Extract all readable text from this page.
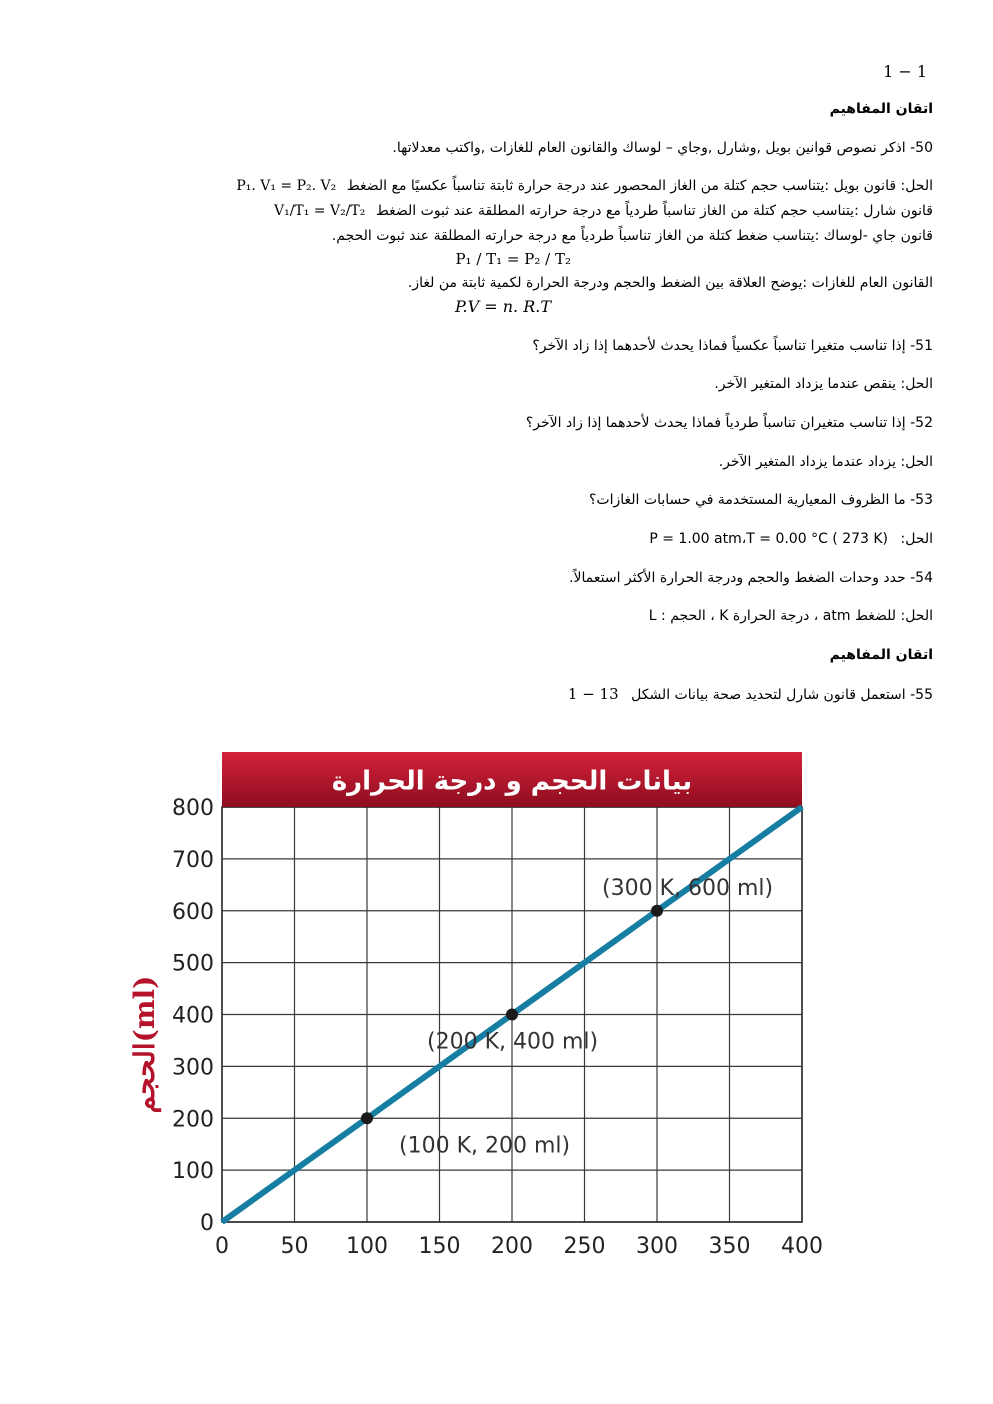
1 − 1
اتقان المفاهيم
50- اذكر نصوص قوانين بويل ,وشارل ,وجاي – لوساك والقانون العام للغازات ,واكتب معدلاتها.
الحل: قانون بويل :يتناسب حجم كتلة من الغاز المحصور عند درجة حرارة ثابتة تناسباً عكسيًا مع الضغط P₁. V₁ = P₂. V₂
قانون شارل :يتناسب حجم كتلة من الغاز تناسباً طردياً مع درجة حرارته المطلقة عند ثبوت الضغط V₁/T₁ = V₂/T₂
قانون جاي -لوساك :يتناسب ضغط كتلة من الغاز تناسباً طردياً مع درجة حرارته المطلقة عند ثبوت الحجم.
P₁ / T₁ = P₂ / T₂
القانون العام للغازات :يوضح العلاقة بين الضغط والحجم ودرجة الحرارة لكمية ثابتة من لغاز.
P.V = n. R.T
51- إذا تناسب متغيرا تناسباً عكسياً فماذا يحدث لأحدهما إذا زاد الآخر؟
الحل: ينقص عندما يزداد المتغير الآخر.
52- إذا تناسب متغيران تناسباً طردياً فماذا يحدث لأحدهما إذا زاد الآخر؟
الحل: يزداد عندما يزداد المتغير الآخر.
53- ما الظروف المعيارية المستخدمة في حسابات الغازات؟
الحل: P = 1.00 atm،T = 0.00 °C ( 273 K)
54- حدد وحدات الضغط والحجم ودرجة الحرارة الأكثر استعمالاً.
الحل: للضغط atm ، درجة الحرارة K ، الحجم : L
اتقان المفاهيم
55- استعمل قانون شارل لتحديد صحة بيانات الشكل 1 − 13
بيانات الحجم و درجة الحرارة
0 50 100 150 200 250 300 350 400
0
100
200
300
400
500
600
700
800
الحجم(ml)
(100 K, 200 ml)
(200 K, 400 ml)
(300 K, 600 ml)
